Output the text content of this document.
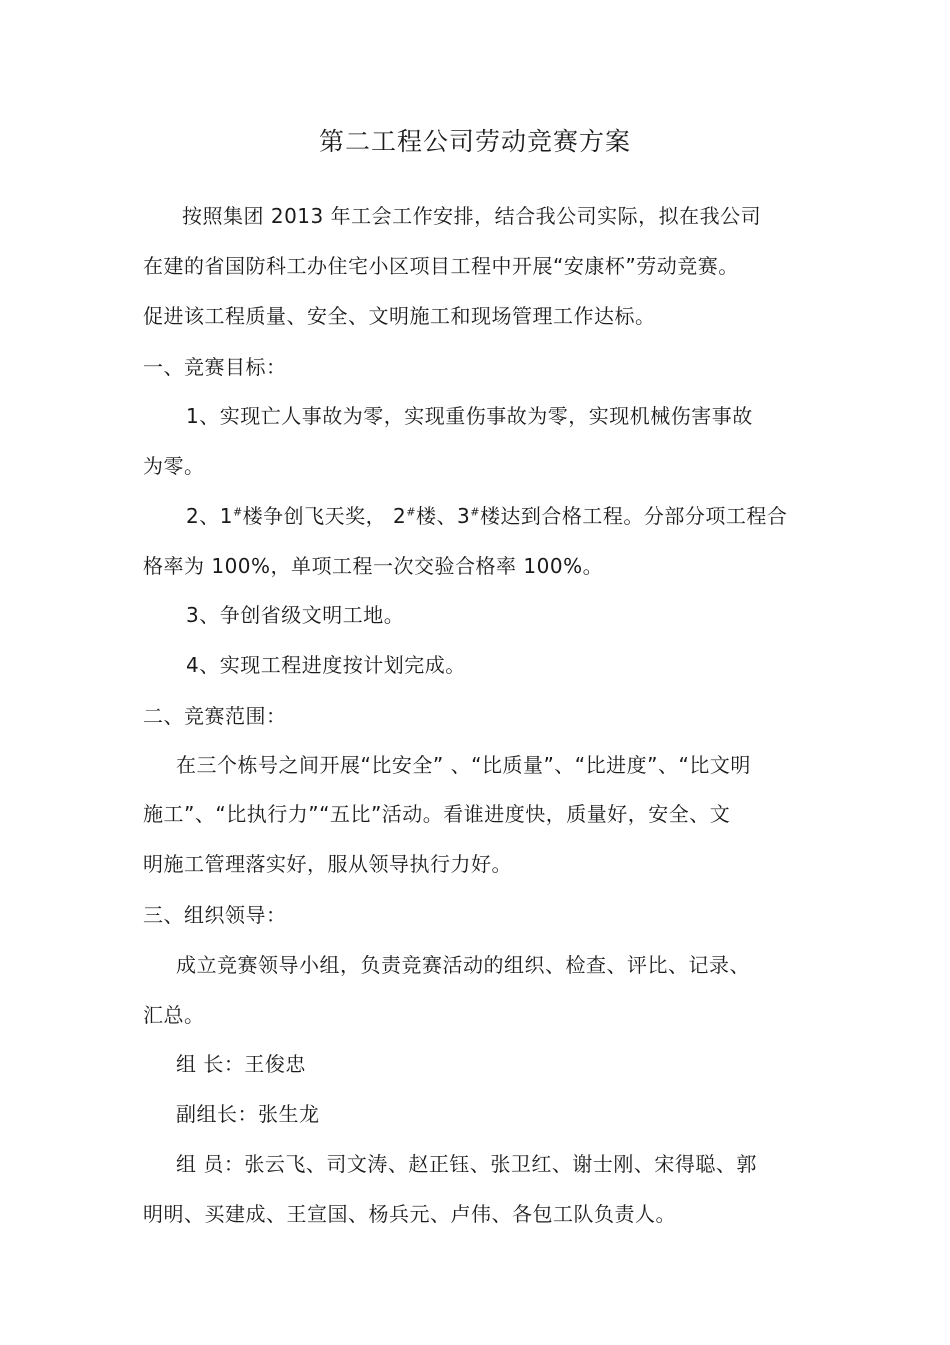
第二工程公司劳动竞赛方案
按照集团 2013 年工会工作安排，结合我公司实际，拟在我公司
在建的省国防科工办住宅小区项目工程中开展“安康杯”劳动竞赛。
促进该工程质量、安全、文明施工和现场管理工作达标。
一、竞赛目标：
1、实现亡人事故为零，实现重伤事故为零，实现机械伤害事故
为零。
2、1#楼争创飞天奖， 2#楼、3#楼达到合格工程。分部分项工程合
格率为 100%，单项工程一次交验合格率 100%。
3、争创省级文明工地。
4、实现工程进度按计划完成。
二、竞赛范围：
在三个栋号之间开展“比安全” 、“比质量”、“比进度”、“比文明
施工”、“比执行力”“五比”活动。看谁进度快，质量好，安全、文
明施工管理落实好，服从领导执行力好。
三、组织领导：
成立竞赛领导小组，负责竞赛活动的组织、检查、评比、记录、
汇总。
组 长：王俊忠
副组长：张生龙
组 员：张云飞、司文涛、赵正钰、张卫红、谢士刚、宋得聪、郭
明明、买建成、王宣国、杨兵元、卢伟、各包工队负责人。
